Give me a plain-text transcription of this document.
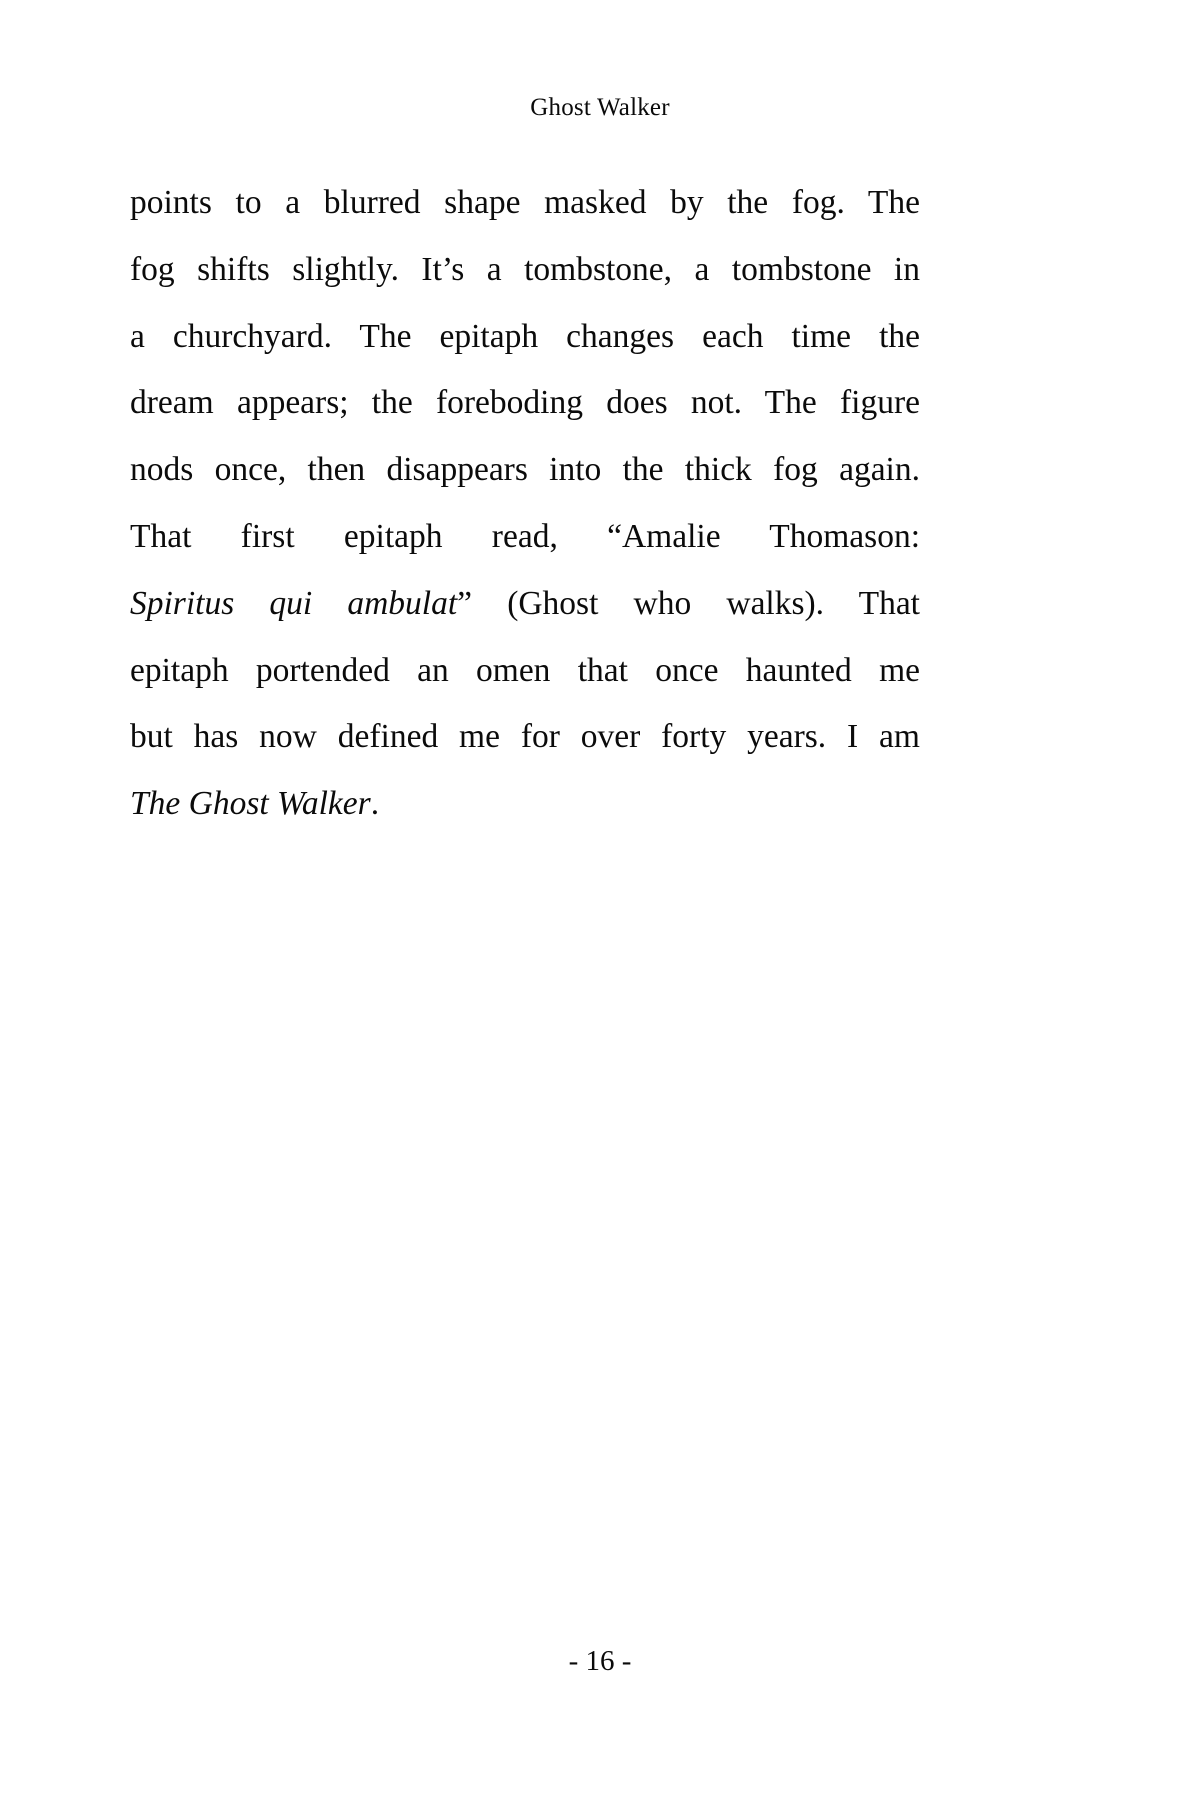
Ghost Walker

points to a blurred shape masked by the fog. The
fog shifts slightly. It’s a tombstone, a tombstone in
a churchyard. The epitaph changes each time the
dream appears; the foreboding does not. The figure
nods once, then disappears into the thick fog again.
That first epitaph read, “Amalie Thomason:
Spiritus qui ambulat” (Ghost who walks). That
epitaph portended an omen that once haunted me
but has now defined me for over forty years. I am
The Ghost Walker.

- 16 -
